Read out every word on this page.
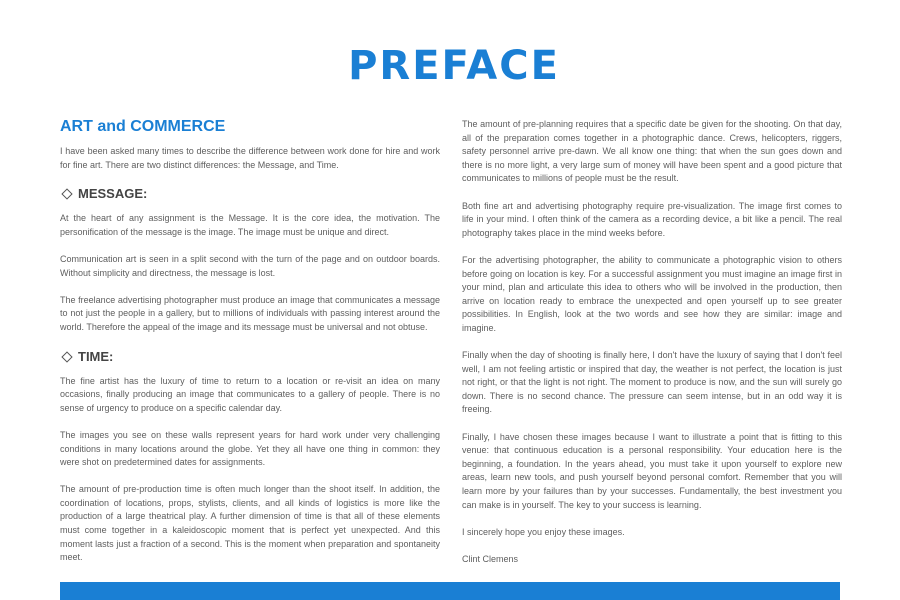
PREFACE
ART and COMMERCE

I have been asked many times to describe the difference between work done for hire and work for fine art. There are two distinct differences: the Message, and Time.

MESSAGE:

At the heart of any assignment is the Message. It is the core idea, the motivation. The personification of the message is the image. The image must be unique and direct.

Communication art is seen in a split second with the turn of the page and on outdoor boards. Without simplicity and directness, the message is lost.

The freelance advertising photographer must produce an image that communicates a message to not just the people in a gallery, but to millions of individuals with passing interest around the world. Therefore the appeal of the image and its message must be universal and not obtuse.

TIME:

The fine artist has the luxury of time to return to a location or re-visit an idea on many occasions, finally producing an image that communicates to a gallery of people. There is no sense of urgency to produce on a specific calendar day.

The images you see on these walls represent years for hard work under very challenging conditions in many locations around the globe. Yet they all have one thing in common: they were shot on predetermined dates for assignments.

The amount of pre-production time is often much longer than the shoot itself. In addition, the coordination of locations, props, stylists, clients, and all kinds of logistics is more like the production of a large theatrical play. A further dimension of time is that all of these elements must come together in a kaleidoscopic moment that is perfect yet unexpected. And this moment lasts just a fraction of a second. This is the moment when preparation and spontaneity meet.

The amount of pre-planning requires that a specific date be given for the shooting. On that day, all of the preparation comes together in a photographic dance. Crews, helicopters, riggers, safety personnel arrive pre-dawn. We all know one thing: that when the sun goes down and there is no more light, a very large sum of money will have been spent and a good picture that communicates to millions of people must be the result.

Both fine art and advertising photography require pre-visualization. The image first comes to life in your mind. I often think of the camera as a recording device, a bit like a pencil. The real photography takes place in the mind weeks before.

For the advertising photographer, the ability to communicate a photographic vision to others before going on location is key. For a successful assignment you must imagine an image first in your mind, plan and articulate this idea to others who will be involved in the production, then arrive on location ready to embrace the unexpected and open yourself up to see greater possibilities. In English, look at the two words and see how they are similar: image and imagine.

Finally when the day of shooting is finally here, I don't have the luxury of saying that I don't feel well, I am not feeling artistic or inspired that day, the weather is not perfect, the location is just not right, or that the light is not right. The moment to produce is now, and the sun will surely go down. There is no second chance. The pressure can seem intense, but in an odd way it is freeing.

Finally, I have chosen these images because I want to illustrate a point that is fitting to this venue: that continuous education is a personal responsibility. Your education here is the beginning, a foundation. In the years ahead, you must take it upon yourself to explore new areas, learn new tools, and push yourself beyond personal comfort. Remember that you will learn more by your failures than by your successes. Fundamentally, the best investment you can make is in yourself. The key to your success is learning.

I sincerely hope you enjoy these images.

Clint Clemens
